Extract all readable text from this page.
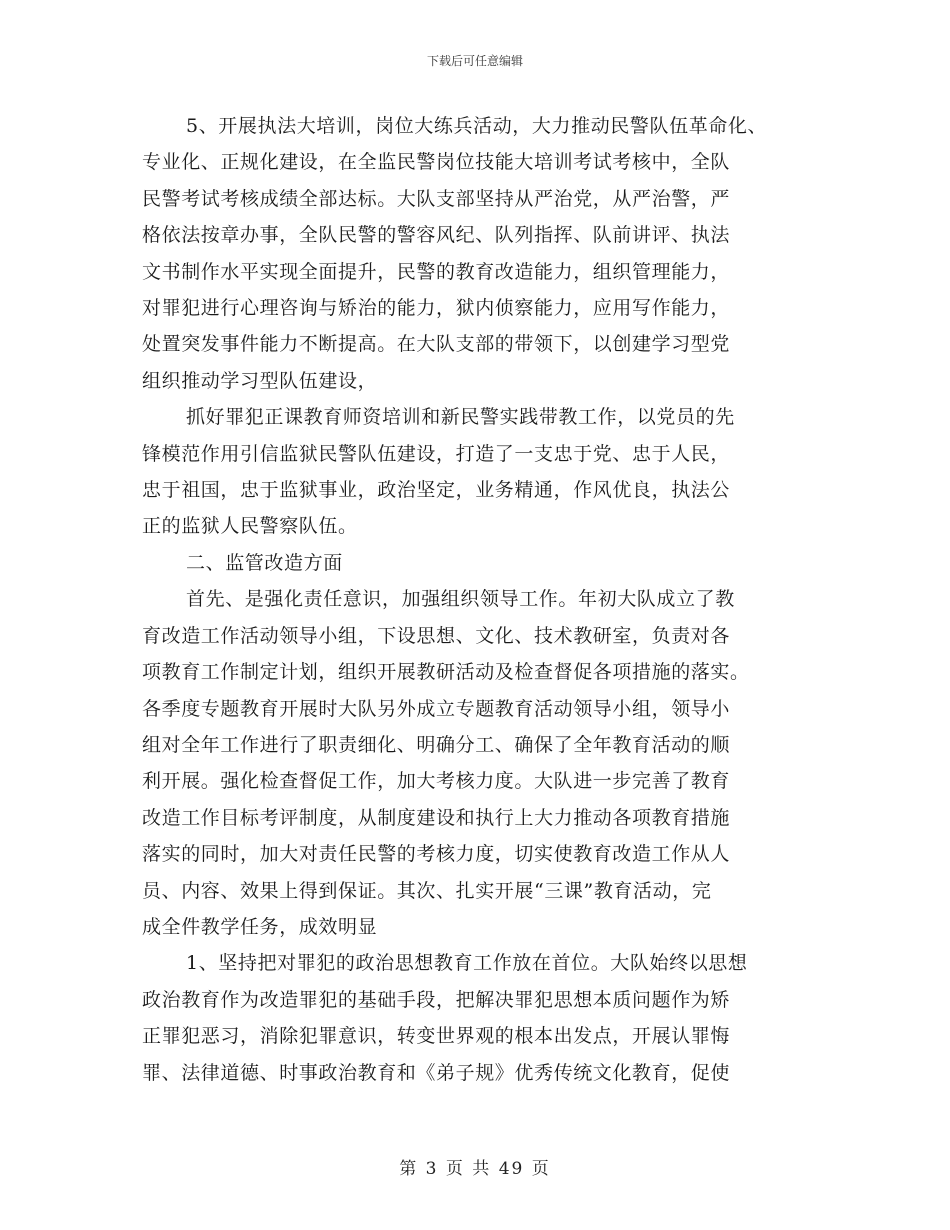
下载后可任意编辑
5、开展执法大培训，岗位大练兵活动，大力推动民警队伍革命化、
专业化、正规化建设，在全监民警岗位技能大培训考试考核中，全队
民警考试考核成绩全部达标。大队支部坚持从严治党，从严治警，严
格依法按章办事，全队民警的警容风纪、队列指挥、队前讲评、执法
文书制作水平实现全面提升，民警的教育改造能力，组织管理能力，
对罪犯进行心理咨询与矫治的能力，狱内侦察能力，应用写作能力，
处置突发事件能力不断提高。在大队支部的带领下，以创建学习型党
组织推动学习型队伍建设，
抓好罪犯正课教育师资培训和新民警实践带教工作，以党员的先
锋模范作用引信监狱民警队伍建设，打造了一支忠于党、忠于人民，
忠于祖国，忠于监狱事业，政治坚定，业务精通，作风优良，执法公
正的监狱人民警察队伍。
二、监管改造方面
首先、是强化责任意识，加强组织领导工作。年初大队成立了教
育改造工作活动领导小组，下设思想、文化、技术教研室，负责对各
项教育工作制定计划，组织开展教研活动及检查督促各项措施的落实。
各季度专题教育开展时大队另外成立专题教育活动领导小组，领导小
组对全年工作进行了职责细化、明确分工、确保了全年教育活动的顺
利开展。强化检查督促工作，加大考核力度。大队进一步完善了教育
改造工作目标考评制度，从制度建设和执行上大力推动各项教育措施
落实的同时，加大对责任民警的考核力度，切实使教育改造工作从人
员、内容、效果上得到保证。其次、扎实开展“三课”教育活动，完
成全件教学任务，成效明显
1、坚持把对罪犯的政治思想教育工作放在首位。大队始终以思想
政治教育作为改造罪犯的基础手段，把解决罪犯思想本质问题作为矫
正罪犯恶习，消除犯罪意识，转变世界观的根本出发点，开展认罪悔
罪、法律道德、时事政治教育和《弟子规》优秀传统文化教育，促使
第 3 页 共 49 页
